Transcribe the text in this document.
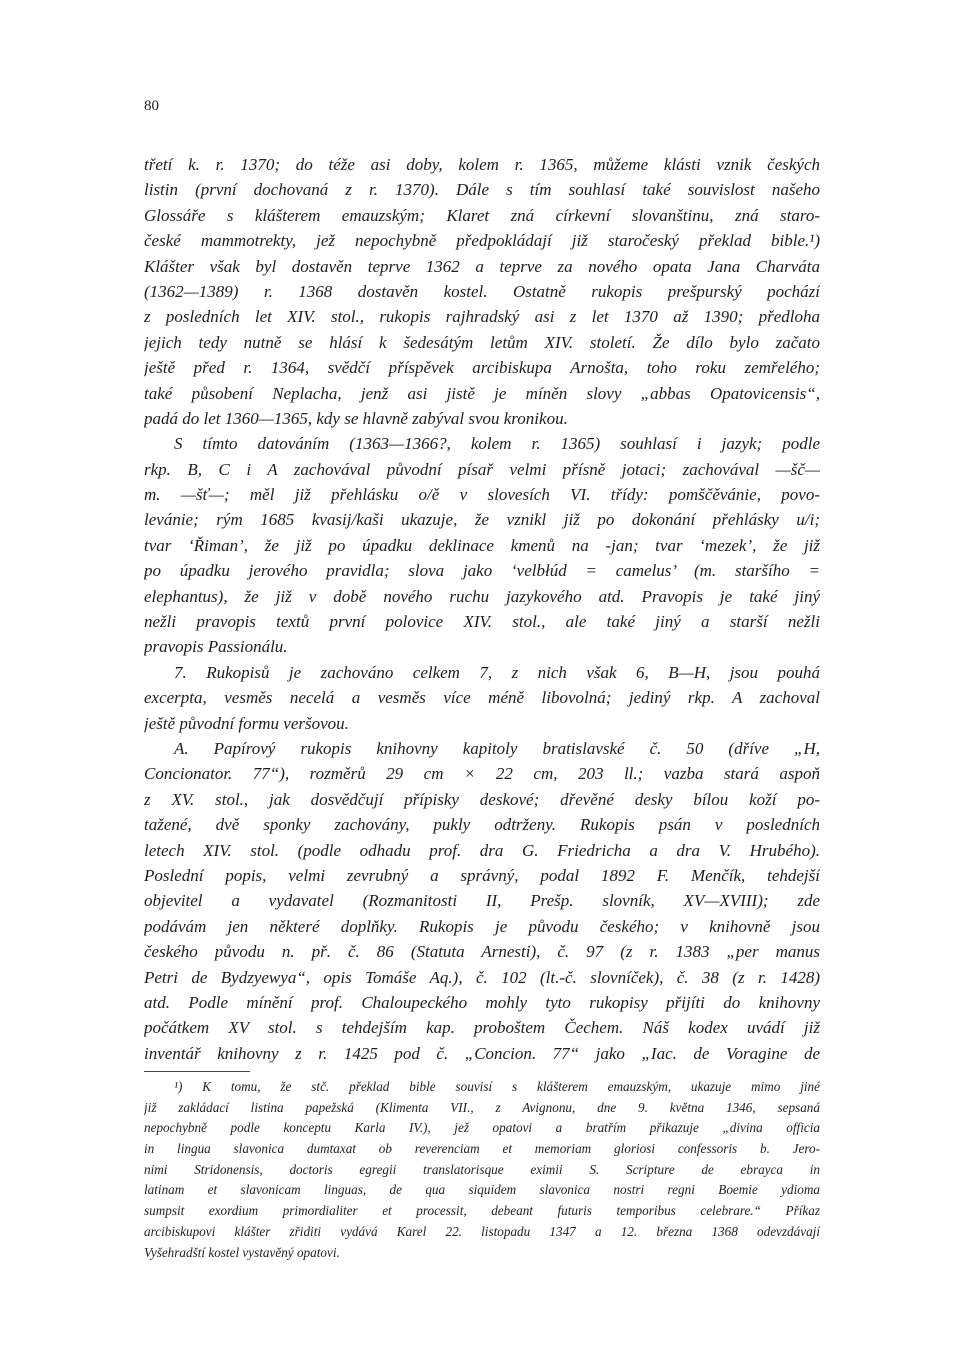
80
třetí k. r. 1370; do téže asi doby, kolem r. 1365, můžeme klásti vznik českých
listin (první dochovaná z r. 1370). Dále s tím souhlasí také souvislost našeho
Glossáře s klášterem emauzským; Klaret zná církevní slovanštinu, zná staro-
české mammotrekty, jež nepochybně předpokládají již staročeský překlad bible.¹)
Klášter však byl dostavěn teprve 1362 a teprve za nového opata Jana Charváta
(1362—1389) r. 1368 dostavěn kostel. Ostatně rukopis prešpurský pochází
z posledních let XIV. stol., rukopis rajhradský asi z let 1370 až 1390; předloha
jejich tedy nutně se hlásí k šedesátým letům XIV. století. Že dílo bylo začato
ještě před r. 1364, svědčí příspěvek arcibiskupa Arnošta, toho roku zemřelého;
také působení Neplacha, jenž asi jistě je míněn slovy „abbas Opatovicensis“,
padá do let 1360—1365, kdy se hlavně zabýval svou kronikou.
S tímto datováním (1363—1366?, kolem r. 1365) souhlasí i jazyk; podle
rkp. B, C i A zachovával původní písař velmi přísně jotaci; zachovával —šč—
m. —šť—; měl již přehlásku o/ě v slovesích VI. třídy: pomščěvánie, povo-
levánie; rým 1685 kvasij/kaši ukazuje, že vznikl již po dokonání přehlásky u/i;
tvar ‘Řiman’, že již po úpadku deklinace kmenů na -jan; tvar ‘mezek’, že již
po úpadku jerového pravidla; slova jako ‘velbłúd = camelus’ (m. staršího =
elephantus), že již v době nového ruchu jazykového atd. Pravopis je také jiný
nežli pravopis textů první polovice XIV. stol., ale také jiný a starší nežli
pravopis Passionálu.
7. Rukopisů je zachováno celkem 7, z nich však 6, B—H, jsou pouhá
excerpta, vesměs necelá a vesměs více méně libovolná; jediný rkp. A zachoval
ještě původní formu veršovou.
A. Papírový rukopis knihovny kapitoly bratislavské č. 50 (dříve „H,
Concionator. 77“), rozměrů 29 cm × 22 cm, 203 ll.; vazba stará aspoň
z XV. stol., jak dosvědčují přípisky deskové; dřevěné desky bílou koží po-
tažené, dvě sponky zachovány, pukly odtrženy. Rukopis psán v posledních
letech XIV. stol. (podle odhadu prof. dra G. Friedricha a dra V. Hrubého).
Poslední popis, velmi zevrubný a správný, podal 1892 F. Menčík, tehdejší
objevitel a vydavatel (Rozmanitosti II, Prešp. slovník, XV—XVIII); zde
podávám jen některé doplňky. Rukopis je původu českého; v knihovně jsou
českého původu n. př. č. 86 (Statuta Arnesti), č. 97 (z r. 1383 „per manus
Petri de Bydzyewya“, opis Tomáše Aq.), č. 102 (lt.-č. slovníček), č. 38 (z r. 1428)
atd. Podle mínění prof. Chaloupeckého mohly tyto rukopisy přijíti do knihovny
počátkem XV stol. s tehdejším kap. proboštem Čechem. Náš kodex uvádí již
inventář knihovny z r. 1425 pod č. „Concion. 77“ jako „Iac. de Voragine de
¹) K tomu, že stč. překlad bible souvisí s klášterem emauzským, ukazuje mimo jiné
již zakládací listina papežská (Klimenta VII., z Avignonu, dne 9. května 1346, sepsaná
nepochybně podle konceptu Karla IV.), jež opatovi a bratřím přikazuje „divina officia
in lingua slavonica dumtaxat ob reverenciam et memoriam gloriosi confessoris b. Jero-
nimi Stridonensis, doctoris egregii translatorisque eximii S. Scripture de ebrayca in
latinam et slavonicam linguas, de qua siquidem slavonica nostri regni Boemie ydioma
sumpsit exordium primordialiter et processit, debeant futuris temporibus celebrare.“ Příkaz
arcibiskupovi klášter zřiditi vydává Karel 22. listopadu 1347 a 12. března 1368 odevzdávají
Vyšehradští kostel vystavěný opatovi.
